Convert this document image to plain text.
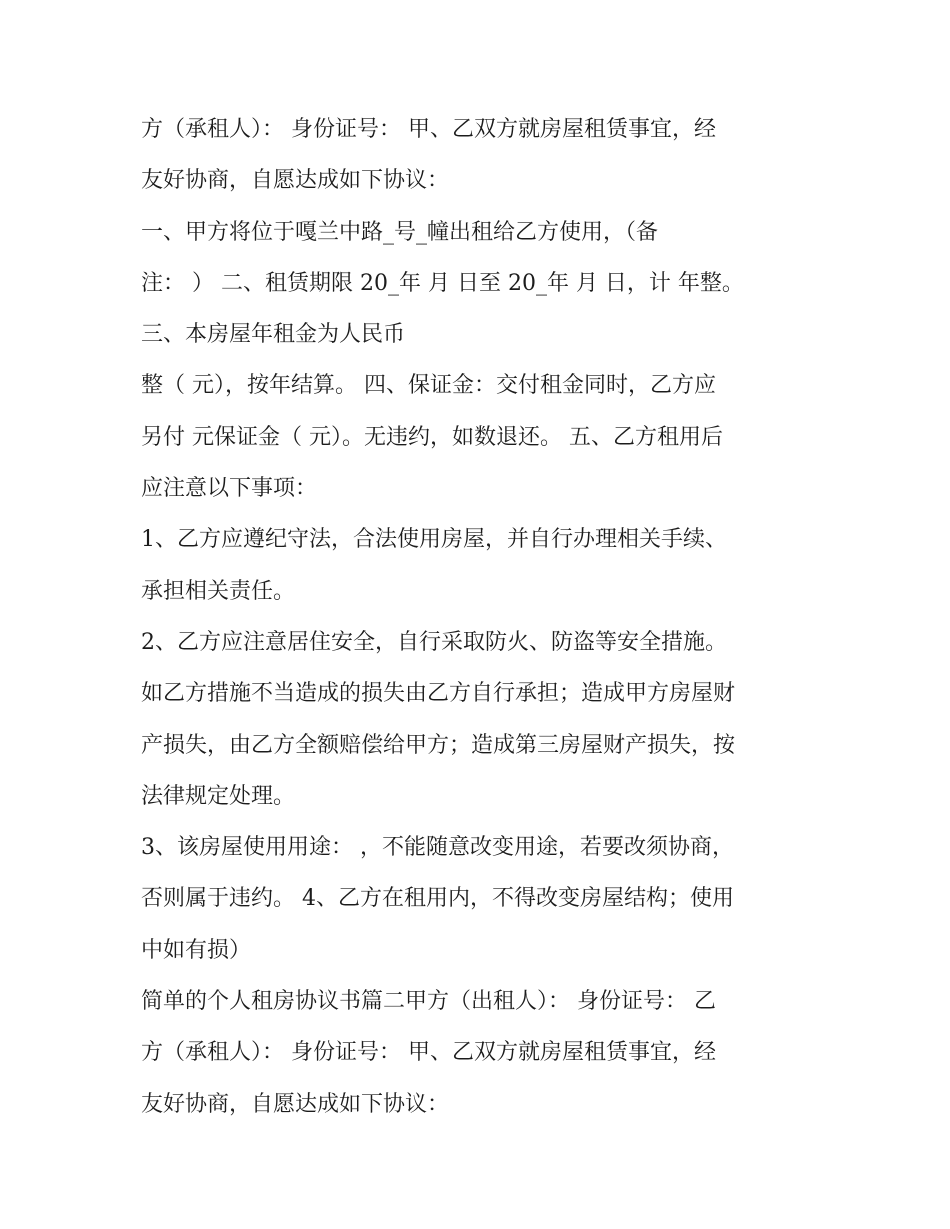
方（承租人）： 身份证号： 甲、乙双方就房屋租赁事宜，经
友好协商，自愿达成如下协议：
一、甲方将位于嘎兰中路_号_幢出租给乙方使用，（备
注： ） 二、租赁期限 20_年 月 日至 20_年 月 日，计 年整。
三、本房屋年租金为人民币
整（ 元），按年结算。 四、保证金：交付租金同时，乙方应
另付 元保证金（ 元）。无违约，如数退还。 五、乙方租用后
应注意以下事项：
1、乙方应遵纪守法，合法使用房屋，并自行办理相关手续、
承担相关责任。
2、乙方应注意居住安全，自行采取防火、防盗等安全措施。
如乙方措施不当造成的损失由乙方自行承担；造成甲方房屋财
产损失，由乙方全额赔偿给甲方；造成第三房屋财产损失，按
法律规定处理。
3、该房屋使用用途： ，不能随意改变用途，若要改须协商，
否则属于违约。 4、乙方在租用内，不得改变房屋结构；使用
中如有损）
简单的个人租房协议书篇二甲方（出租人）： 身份证号： 乙
方（承租人）： 身份证号： 甲、乙双方就房屋租赁事宜，经
友好协商，自愿达成如下协议：
